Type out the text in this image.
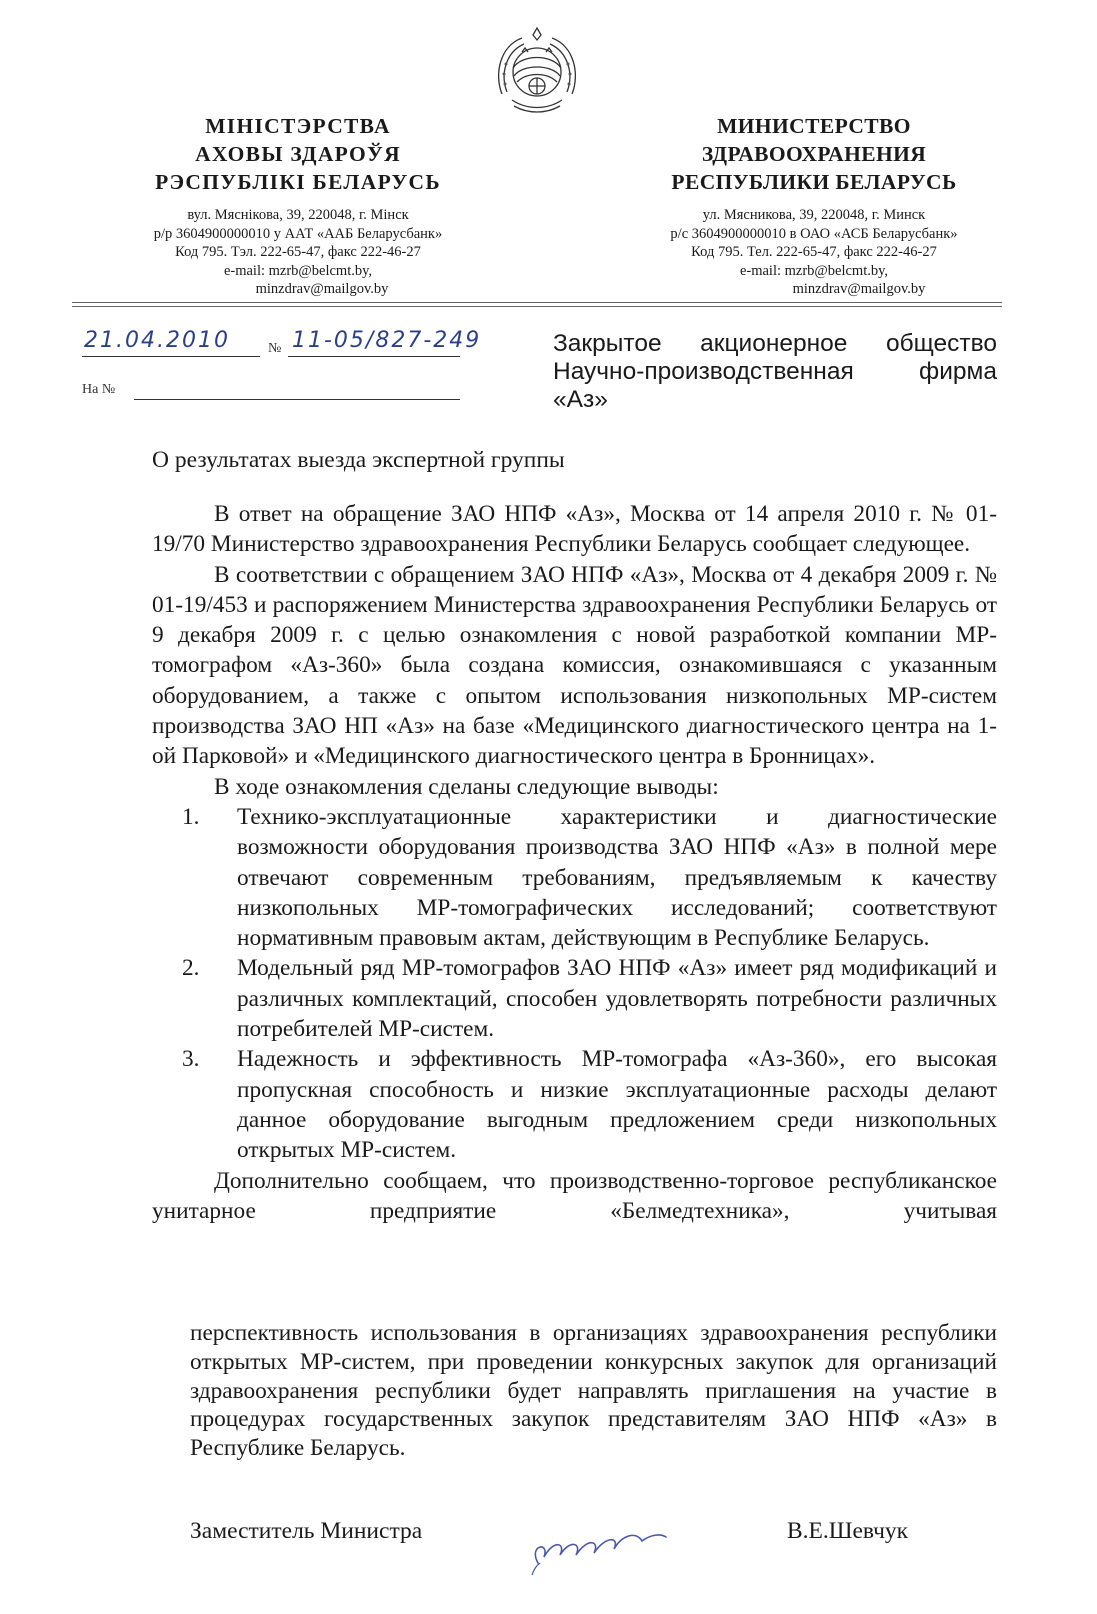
МІНІСТЭРСТВА
АХОВЫ ЗДАРОЎЯ
РЭСПУБЛІКІ БЕЛАРУСЬ
вул. Мяснікова, 39, 220048, г. Мінск
р/р 3604900000010 у ААТ «ААБ Беларусбанк»
Код 795. Тэл. 222-65-47, факс 222-46-27
e-mail: mzrb@belcmt.by,
minzdrav@mailgov.by
МИНИСТЕРСТВО
ЗДРАВООХРАНЕНИЯ
РЕСПУБЛИКИ БЕЛАРУСЬ
ул. Мясникова, 39, 220048, г. Минск
р/с 3604900000010 в ОАО «АСБ Беларусбанк»
Код 795. Тел. 222-65-47, факс 222-46-27
e-mail: mzrb@belcmt.by,
minzdrav@mailgov.by
21.04.2010	№ 11-05/827-249
На №
Закрытое акционерное общество
Научно-производственная фирма
«Аз»
О результатах выезда экспертной группы

В ответ на обращение ЗАО НПФ «Аз», Москва от 14 апреля 2010 г. № 01-19/70 Министерство здравоохранения Республики Беларусь сообщает следующее.

В соответствии с обращением ЗАО НПФ «Аз», Москва от 4 декабря 2009 г. № 01-19/453 и распоряжением Министерства здравоохранения Республики Беларусь от 9 декабря 2009 г. с целью ознакомления с новой разработкой компании МР-томографом «Аз-360» была создана комиссия, ознакомившаяся с указанным оборудованием, а также с опытом использования низкопольных МР-систем производства ЗАО НП «Аз» на базе «Медицинского диагностического центра на 1-ой Парковой» и «Медицинского диагностического центра в Бронницах».

В ходе ознакомления сделаны следующие выводы:

1. Технико-эксплуатационные характеристики и диагностические возможности оборудования производства ЗАО НПФ «Аз» в полной мере отвечают современным требованиям, предъявляемым к качеству низкопольных МР-томографических исследований; соответствуют нормативным правовым актам, действующим в Республике Беларусь.
2. Модельный ряд МР-томографов ЗАО НПФ «Аз» имеет ряд модификаций и различных комплектаций, способен удовлетворять потребности различных потребителей МР-систем.
3. Надежность и эффективность МР-томографа «Аз-360», его высокая пропускная способность и низкие эксплуатационные расходы делают данное оборудование выгодным предложением среди низкопольных открытых МР-систем.

Дополнительно сообщаем, что производственно-торговое республиканское унитарное предприятие «Белмедтехника», учитывая

перспективность использования в организациях здравоохранения республики открытых МР-систем, при проведении конкурсных закупок для организаций здравоохранения республики будет направлять приглашения на участие в процедурах государственных закупок представителям ЗАО НПФ «Аз» в Республике Беларусь.
Заместитель Министра	В.Е.Шевчук
